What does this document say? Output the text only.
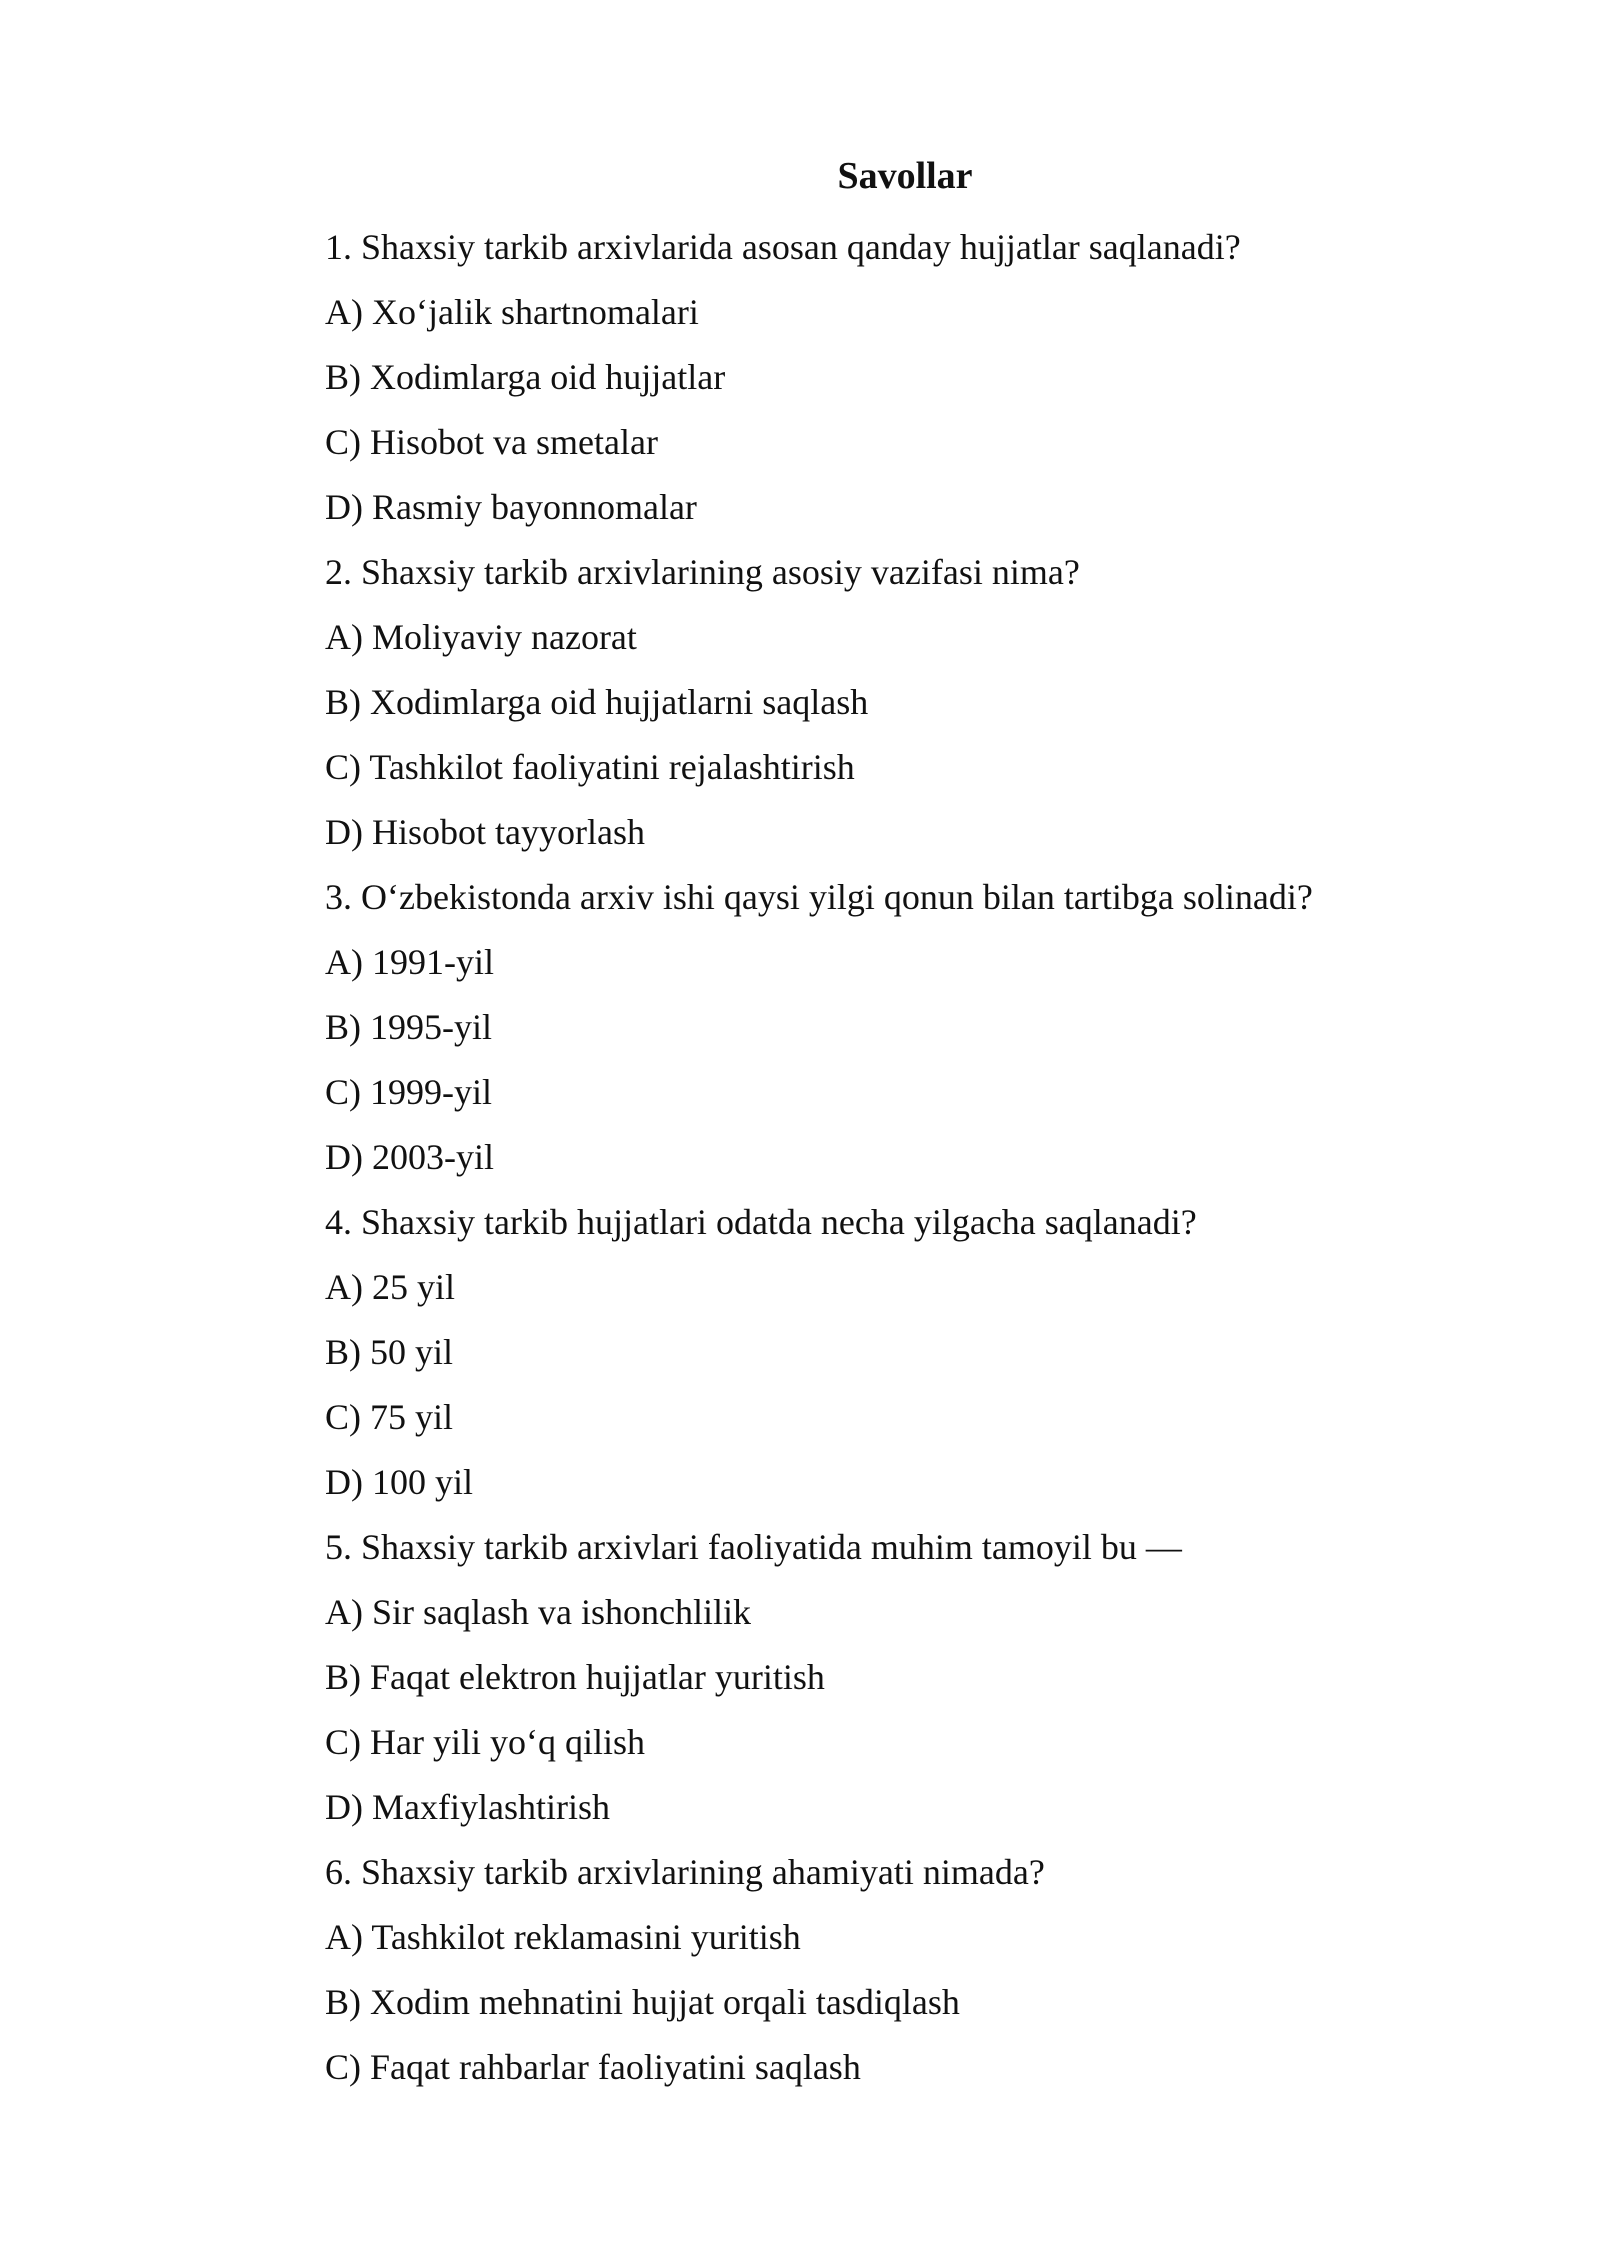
Savollar
1. Shaxsiy tarkib arxivlarida asosan qanday hujjatlar saqlanadi?
A) Xo‘jalik shartnomalari
B) Xodimlarga oid hujjatlar
C) Hisobot va smetalar
D) Rasmiy bayonnomalar
2. Shaxsiy tarkib arxivlarining asosiy vazifasi nima?
A) Moliyaviy nazorat
B) Xodimlarga oid hujjatlarni saqlash
C) Tashkilot faoliyatini rejalashtirish
D) Hisobot tayyorlash
3. O‘zbekistonda arxiv ishi qaysi yilgi qonun bilan tartibga solinadi?
A) 1991-yil
B) 1995-yil
C) 1999-yil
D) 2003-yil
4. Shaxsiy tarkib hujjatlari odatda necha yilgacha saqlanadi?
A) 25 yil
B) 50 yil
C) 75 yil
D) 100 yil
5. Shaxsiy tarkib arxivlari faoliyatida muhim tamoyil bu —
A) Sir saqlash va ishonchlilik
B) Faqat elektron hujjatlar yuritish
C) Har yili yo‘q qilish
D) Maxfiylashtirish
6. Shaxsiy tarkib arxivlarining ahamiyati nimada?
A) Tashkilot reklamasini yuritish
B) Xodim mehnatini hujjat orqali tasdiqlash
C) Faqat rahbarlar faoliyatini saqlash
